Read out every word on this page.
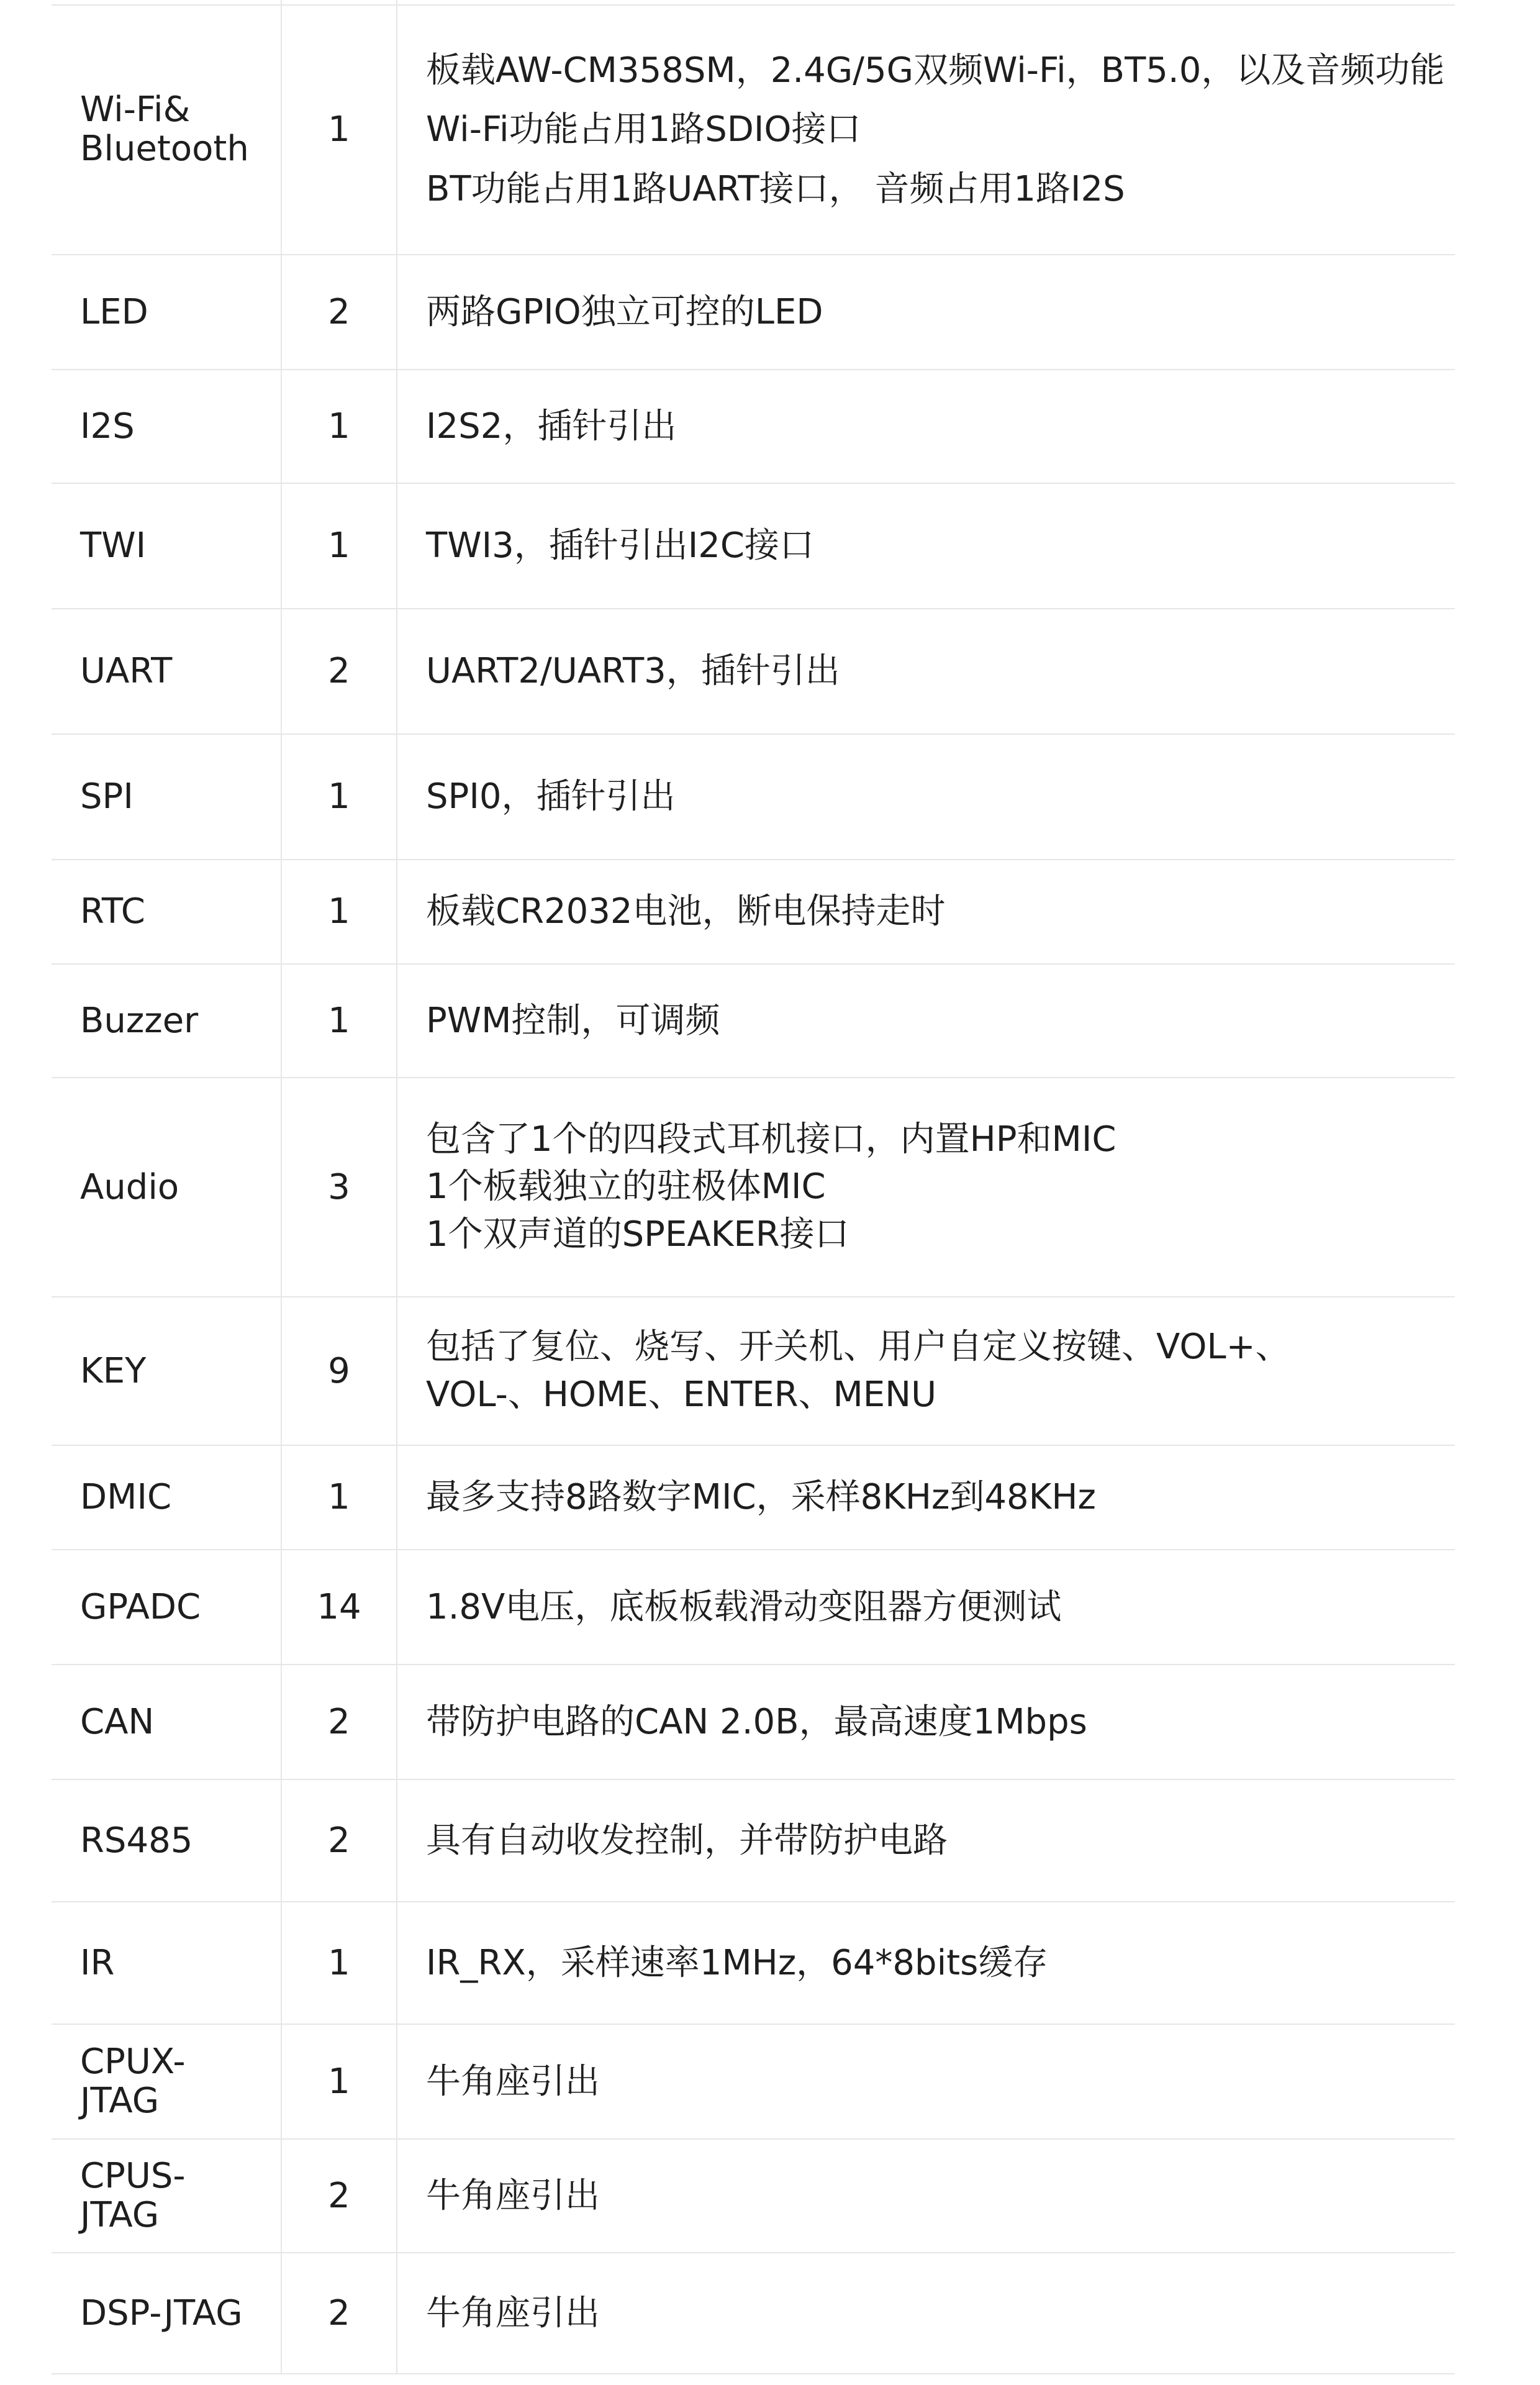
Wi-Fi&
Bluetooth	1	板载AW-CM358SM，2.4G/5G双频Wi-Fi，BT5.0，以及音频功能
Wi-Fi功能占用1路SDIO接口
BT功能占用1路UART接口， 音频占用1路I2S

LED	2	两路GPIO独立可控的LED
I2S	1	I2S2，插针引出
TWI	1	TWI3，插针引出I2C接口
UART	2	UART2/UART3，插针引出
SPI	1	SPI0，插针引出
RTC	1	板载CR2032电池，断电保持走时
Buzzer	1	PWM控制，可调频
Audio	3	包含了1个的四段式耳机接口，内置HP和MIC
1个板载独立的驻极体MIC
1个双声道的SPEAKER接口

KEY	9	包括了复位、烧写、开关机、用户自定义按键、VOL+、
VOL-、HOME、ENTER、MENU

DMIC	1	最多支持8路数字MIC，采样8KHz到48KHz
GPADC	14	1.8V电压，底板板载滑动变阻器方便测试
CAN	2	带防护电路的CAN 2.0B，最高速度1Mbps
RS485	2	具有自动收发控制，并带防护电路
IR	1	IR_RX，采样速率1MHz，64*8bits缓存

CPUX-
JTAG	1	牛角座引出

CPUS-
JTAG	2	牛角座引出
DSP-JTAG	2	牛角座引出
